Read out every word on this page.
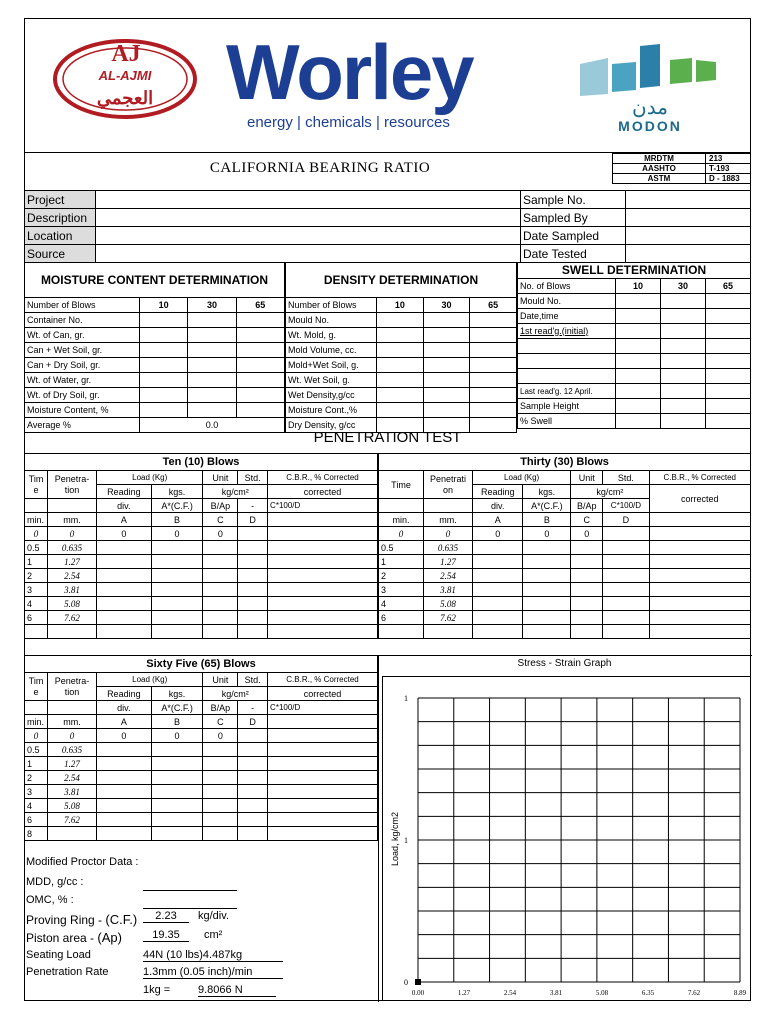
AJ
AL-AJMI
العجمي Worley
energy | chemicals | resources
مدن
MODON
CALIFORNIA BEARING RATIO
MRDTM	213
AASHTO	T-193
ASTM	D - 1883
Project		Sample No.	
Description		Sampled By	
Location		Date Sampled	
Source		Date Tested	
MOISTURE CONTENT DETERMINATION			
Number of Blows	10	30	65
Container No.			
Wt. of Can, gr.			
Can + Wet Soil, gr.			
Can + Dry Soil, gr.			
Wt. of Water, gr.			
Wt. of Dry Soil, gr.			
Moisture Content, %			
Average %	0.0		
DENSITY DETERMINATION			
Number of Blows	10	30	65
Mould No.			
Wt. Mold, g.			
Mold Volume, cc.			
Mold+Wet Soil, g.			
Wt. Wet Soil, g.			
Wet Density,g/cc			
Moisture Cont.,%			
Dry Density, g/cc			
SWELL DETERMINATION			
No. of Blows	10	30	65
Mould No.			
Date,time			
1st read'g.(initial)			

Last read'g. 12 April.			
Sample Height			
% Swell			
PENETRATION TEST
Ten (10) Blows						
Tim e	Penetra- tion	Load (Kg)		Unit	Std.	C.B.R., % Corrected
		Reading	kgs.	kg/cm²		corrected
		div.	A*(C.F.)	B/Ap	-	C*100/D
min.	mm.	A	B	C	D	
0	0	0	0	0		
0.5	0.635					
1	1.27					
2	2.54					
3	3.81					
4	5.08					
6	7.62					

Thirty (30) Blows						
Time	Penetrati on	Load (Kg)		Unit	Std.	C.B.R., % Corrected
		Reading	kgs.	kg/cm²		corrected
		div.	A*(C.F.)	B/Ap	C*100/D	
min.	mm.	A	B	C	D	
0	0	0	0	0		
0.5	0.635					
1	1.27					
2	2.54					
3	3.81					
4	5.08					
6	7.62					

Sixty Five (65) Blows						
Tim e	Penetra- tion	Load (Kg)		Unit	Std.	C.B.R., % Corrected
		Reading	kgs.	kg/cm²		corrected
		div.	A*(C.F.)	B/Ap	-	C*100/D
min.	mm.	A	B	C	D	
0	0	0	0	0		
0.5	0.635					
1	1.27					
2	2.54					
3	3.81					
4	5.08					
6	7.62					
8						
Modified Proctor Data :
MDD, g/cc :
OMC, % :
Proving Ring - (C.F.)	2.23	kg/div.
Piston area - (Ap)	19.35	cm²
Seating Load	44N (10 lbs)4.487kg
Penetration Rate	1.3mm (0.05 inch)/min
1kg =	9.8066 N
Stress - Strain Graph
0.00	1.27	2.54	3.81	5.08	6.35	7.62	8.89
0
1
1
Load, kg/cm2
